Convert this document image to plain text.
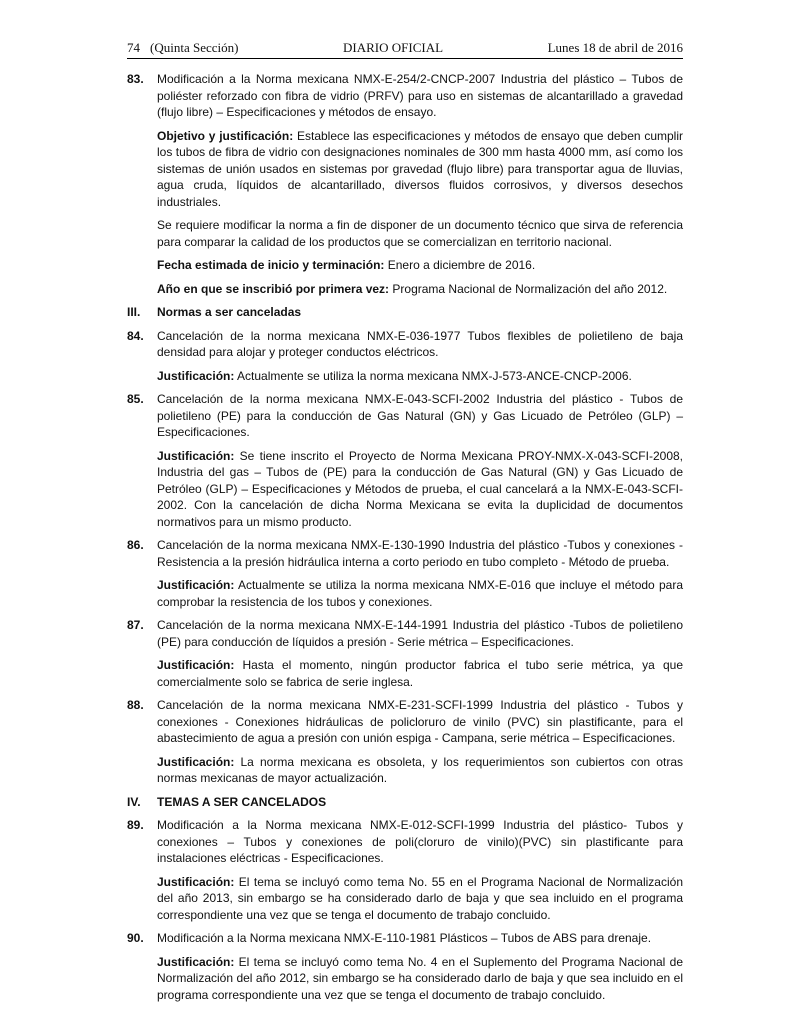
74 (Quinta Sección)	DIARIO OFICIAL	Lunes 18 de abril de 2016
83.	Modificación a la Norma mexicana NMX-E-254/2-CNCP-2007 Industria del plástico – Tubos de poliéster reforzado con fibra de vidrio (PRFV) para uso en sistemas de alcantarillado a gravedad (flujo libre) – Especificaciones y métodos de ensayo.

Objetivo y justificación: Establece las especificaciones y métodos de ensayo que deben cumplir los tubos de fibra de vidrio con designaciones nominales de 300 mm hasta 4000 mm, así como los sistemas de unión usados en sistemas por gravedad (flujo libre) para transportar agua de lluvias, agua cruda, líquidos de alcantarillado, diversos fluidos corrosivos, y diversos desechos industriales.

Se requiere modificar la norma a fin de disponer de un documento técnico que sirva de referencia para comparar la calidad de los productos que se comercializan en territorio nacional.

Fecha estimada de inicio y terminación: Enero a diciembre de 2016.

Año en que se inscribió por primera vez: Programa Nacional de Normalización del año 2012.

III.	Normas a ser canceladas
84.	Cancelación de la norma mexicana NMX-E-036-1977 Tubos flexibles de polietileno de baja densidad para alojar y proteger conductos eléctricos.

Justificación: Actualmente se utiliza la norma mexicana NMX-J-573-ANCE-CNCP-2006.

85.	Cancelación de la norma mexicana NMX-E-043-SCFI-2002 Industria del plástico - Tubos de polietileno (PE) para la conducción de Gas Natural (GN) y Gas Licuado de Petróleo (GLP) – Especificaciones.

Justificación: Se tiene inscrito el Proyecto de Norma Mexicana PROY-NMX-X-043-SCFI-2008, Industria del gas – Tubos de (PE) para la conducción de Gas Natural (GN) y Gas Licuado de Petróleo (GLP) – Especificaciones y Métodos de prueba, el cual cancelará a la NMX-E-043-SCFI-2002. Con la cancelación de dicha Norma Mexicana se evita la duplicidad de documentos normativos para un mismo producto.

86.	Cancelación de la norma mexicana NMX-E-130-1990 Industria del plástico -Tubos y conexiones - Resistencia a la presión hidráulica interna a corto periodo en tubo completo - Método de prueba.

Justificación: Actualmente se utiliza la norma mexicana NMX-E-016 que incluye el método para comprobar la resistencia de los tubos y conexiones.

87.	Cancelación de la norma mexicana NMX-E-144-1991 Industria del plástico -Tubos de polietileno (PE) para conducción de líquidos a presión - Serie métrica – Especificaciones.

Justificación: Hasta el momento, ningún productor fabrica el tubo serie métrica, ya que comercialmente solo se fabrica de serie inglesa.

88.	Cancelación de la norma mexicana NMX-E-231-SCFI-1999 Industria del plástico - Tubos y conexiones - Conexiones hidráulicas de policloruro de vinilo (PVC) sin plastificante, para el abastecimiento de agua a presión con unión espiga - Campana, serie métrica – Especificaciones.

Justificación: La norma mexicana es obsoleta, y los requerimientos son cubiertos con otras normas mexicanas de mayor actualización.

IV.	TEMAS A SER CANCELADOS
89.	Modificación a la Norma mexicana NMX-E-012-SCFI-1999 Industria del plástico- Tubos y conexiones – Tubos y conexiones de poli(cloruro de vinilo)(PVC) sin plastificante para instalaciones eléctricas - Especificaciones.

Justificación: El tema se incluyó como tema No. 55 en el Programa Nacional de Normalización del año 2013, sin embargo se ha considerado darlo de baja y que sea incluido en el programa correspondiente una vez que se tenga el documento de trabajo concluido.

90.	Modificación a la Norma mexicana NMX-E-110-1981 Plásticos – Tubos de ABS para drenaje.

Justificación: El tema se incluyó como tema No. 4 en el Suplemento del Programa Nacional de Normalización del año 2012, sin embargo se ha considerado darlo de baja y que sea incluido en el programa correspondiente una vez que se tenga el documento de trabajo concluido.
